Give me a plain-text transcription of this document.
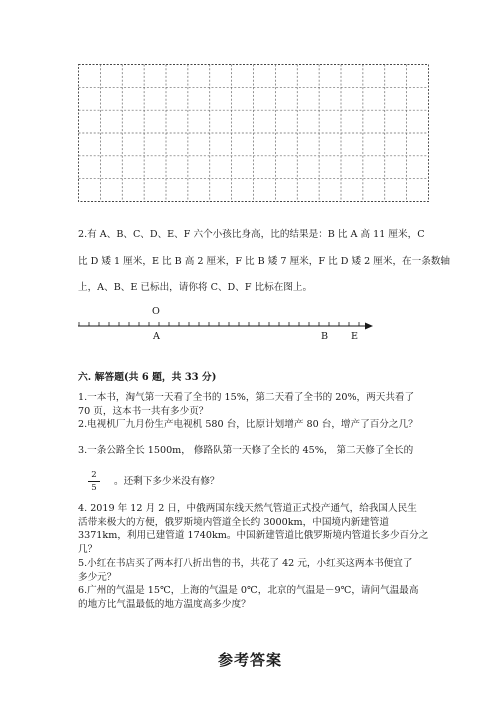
2.有 A、B、C、D、E、F 六个小孩比身高，比的结果是：B 比 A 高 11 厘米，C
比 D 矮 1 厘米，E 比 B 高 2 厘米，F 比 B 矮 7 厘米，F 比 D 矮 2 厘米，在一条数轴
上，A、B、E 已标出，请你将 C、D、F 比标在图上。
O
A	B E
六. 解答题(共 6 题，共 33 分)
1.一本书，淘气第一天看了全书的 15%，第二天看了全书的 20%，两天共看了
70 页，这本书一共有多少页？
2.电视机厂九月份生产电视机 580 台，比原计划增产 80 台，增产了百分之几？
3.一条公路全长 1500m， 修路队第一天修了全长的 45%， 第二天修了全长的
2
5
。还剩下多少米没有修？
4. 2019 年 12 月 2 日，中俄两国东线天然气管道正式投产通气，给我国人民生
活带来极大的方便，俄罗斯境内管道全长约 3000km，中国境内新建管道
3371km，利用已建管道 1740km。中国新建管道比俄罗斯境内管道长多少百分之
几？
5.小红在书店买了两本打八折出售的书，共花了 42 元，小红买这两本书便宜了
多少元？
6.广州的气温是 15℃，上海的气温是 0℃，北京的气温是－9℃，请问气温最高
的地方比气温最低的地方温度高多少度？
参考答案
